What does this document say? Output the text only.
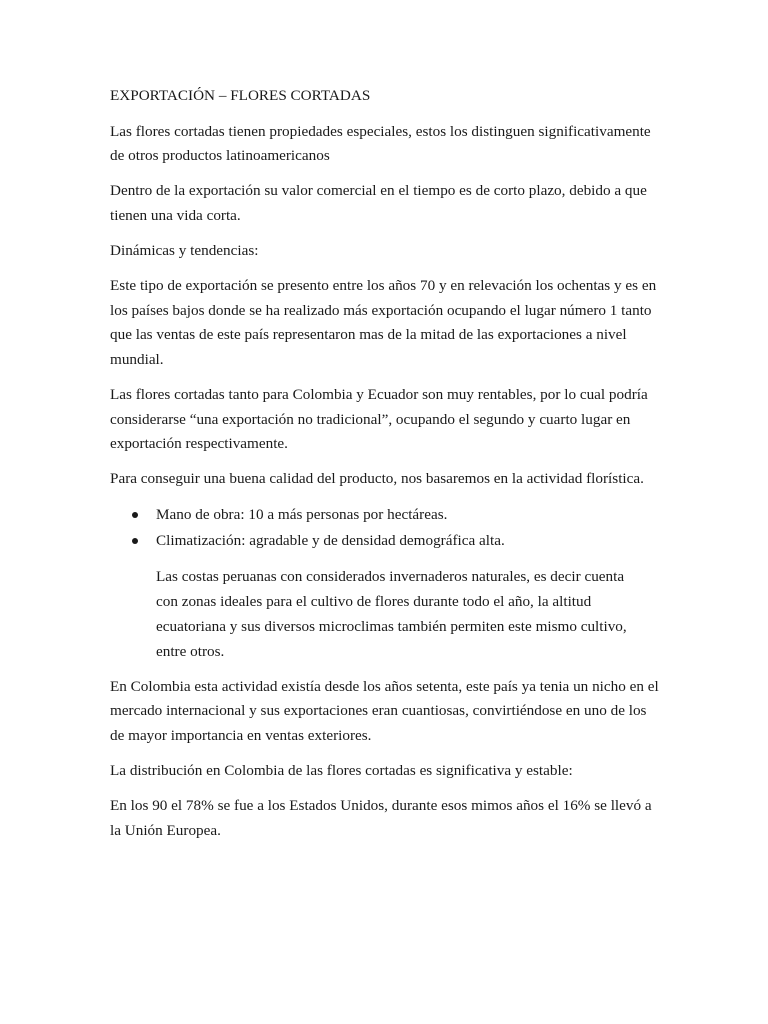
EXPORTACIÓN – FLORES CORTADAS

Las flores cortadas tienen propiedades especiales, estos los distinguen significativamente de otros productos latinoamericanos

Dentro de la exportación su valor comercial en el tiempo es de corto plazo, debido a que tienen una vida corta.

Dinámicas y tendencias:

Este tipo de exportación se presento entre los años 70 y en relevación los ochentas y es en los países bajos donde se ha realizado más exportación ocupando el lugar número 1 tanto que las ventas de este país representaron mas de la mitad de las exportaciones a nivel mundial.

Las flores cortadas tanto para Colombia y Ecuador son muy rentables, por lo cual podría considerarse “una exportación no tradicional”, ocupando el segundo y cuarto lugar en exportación respectivamente.

Para conseguir una buena calidad del producto, nos basaremos en la actividad florística.

Mano de obra: 10 a más personas por hectáreas.
Climatización: agradable y de densidad demográfica alta.

Las costas peruanas con considerados invernaderos naturales, es decir cuenta con zonas ideales para el cultivo de flores durante todo el año, la altitud ecuatoriana y sus diversos microclimas también permiten este mismo cultivo, entre otros.

En Colombia esta actividad existía desde los años setenta, este país ya tenia un nicho en el mercado internacional y sus exportaciones eran cuantiosas, convirtiéndose en uno de los de mayor importancia en ventas exteriores.

La distribución en Colombia de las flores cortadas es significativa y estable:

En los 90 el 78% se fue a los Estados Unidos, durante esos mimos años el 16% se llevó a la Unión Europea.
